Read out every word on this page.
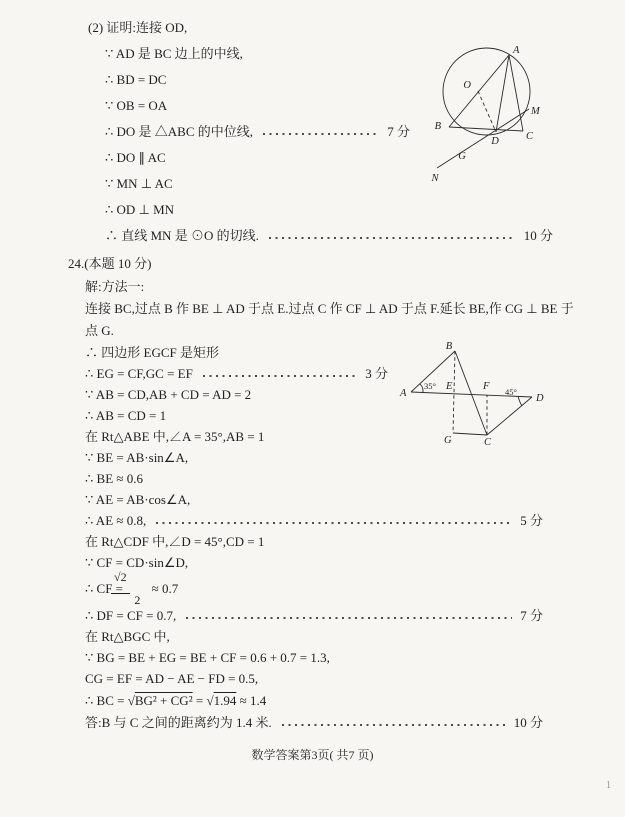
(2) 证明:连接 OD,
∵ AD 是 BC 边上的中线,
∴ BD = DC
∵ OB = OA
∴ DO 是 △ABC 的中位线,	7 分
∴ DO ∥ AC
∵ MN ⊥ AC
∴ OD ⊥ MN
∴ 直线 MN 是 ⊙O 的切线.	10 分
A
O
M
B
D	C
G
N
24.(本题 10 分)
解:方法一:
连接 BC,过点 B 作 BE ⊥ AD 于点 E.过点 C 作 CF ⊥ AD 于点 F.延长 BE,作 CG ⊥ BE 于
点 G.
∴ 四边形 EGCF 是矩形
∴ EG = CF,GC = EF	3 分
∵ AB = CD,AB + CD = AD = 2
∴ AB = CD = 1
在 Rt△ABE 中,∠A = 35°,AB = 1
∵ BE = AB·sin∠A,
∴ BE ≈ 0.6
∵ AE = AB·cos∠A,
∴ AE ≈ 0.8,	5 分
在 Rt△CDF 中,∠D = 45°,CD = 1
∵ CF = CD·sin∠D,
∴ CF =
√2
2
≈ 0.7
∴ DF = CF = 0.7,	7 分
在 Rt△BGC 中,
∵ BG = BE + EG = BE + CF = 0.6 + 0.7 = 1.3,
CG = EF = AD − AE − FD = 0.5,
∴ BC = √BG² + CG² = √1.94 ≈ 1.4
答:B 与 C 之间的距离约为 1.4 米.	10 分
B
A
E	F
D
G	C
35°
45°
数学答案第3页( 共7 页)
1
